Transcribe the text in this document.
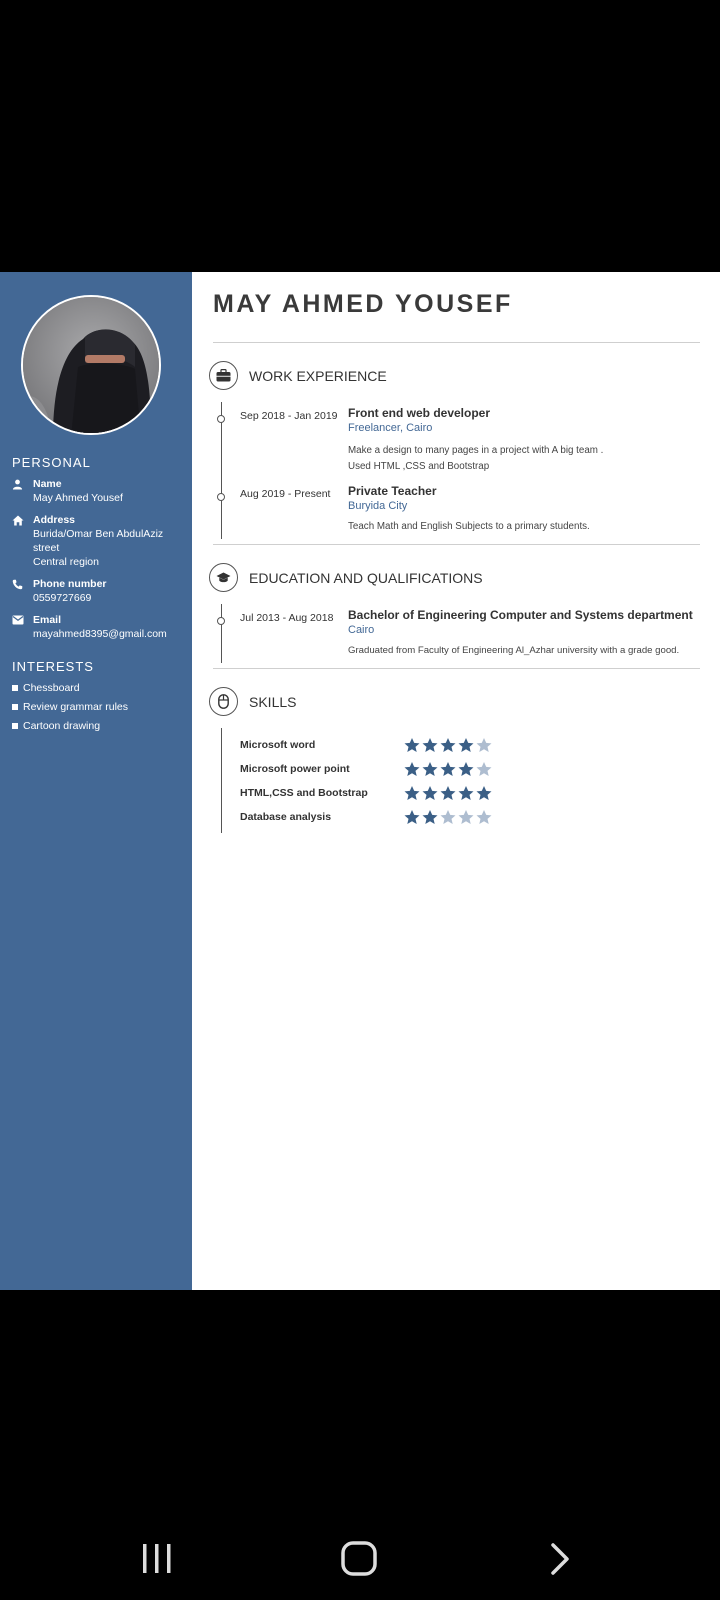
PERSONAL
Name
May Ahmed Yousef
Address
Burida/Omar Ben AbdulAziz street
Central region
Phone number
0559727669
Email
mayahmed8395@gmail.com
INTERESTS
Chessboard
Review grammar rules
Cartoon drawing
MAY AHMED YOUSEF
WORK EXPERIENCE
Sep 2018 - Jan 2019 Front end web developer
Freelancer, Cairo
Make a design to many pages in a project with A big team .
Used HTML ,CSS and Bootstrap
Aug 2019 - Present	Private Teacher
Buryida City
Teach Math and English Subjects to a primary students.
EDUCATION AND QUALIFICATIONS
Jul 2013 - Aug 2018	Bachelor of Engineering Computer and Systems department
Cairo
Graduated from Faculty of Engineering Al_Azhar university with a grade good.
SKILLS
Microsoft word
Microsoft power point
HTML,CSS and Bootstrap
Database analysis
